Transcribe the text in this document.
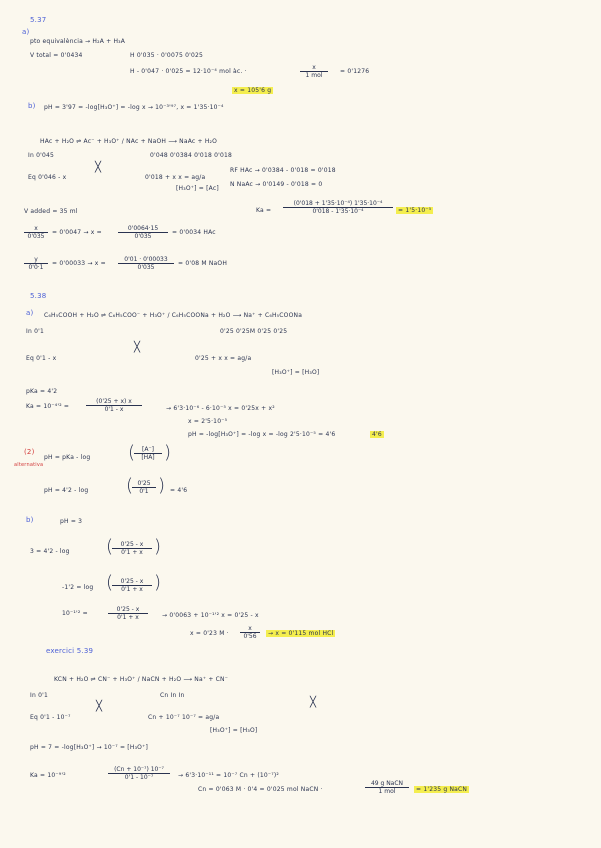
5.37
a)
pto equivalència → H₂A + H₃A
V total = 0'0434	H 0'035 · 0'0075 0'025
H - 0'047 · 0'025 = 12·10⁻⁴ mol àc. ·
x
1 mol
= 0'1276
x = 105'6 g
b) pH = 3'97 = -log[H₃O⁺] = -log x → 10⁻³'⁹⁷, x = 1'35·10⁻⁴
HAc + H₂O ⇌ Ac⁻ + H₃O⁺ / NAc + NaOH ⟶ NaAc + H₂O
In 0'045	0'048 0'0384 0'018 0'018
╳
Eq 0'046 - x	0'018 + x x = ag/a
RF HAc → 0'0384 - 0'018 = 0'018
[H₃O⁺] = [Ac]
N NaAc → 0'0149 - 0'018 = 0
V added = 35 ml	$Ka = \frac{\text{(0'018 + 1'35·10⁻⁴) 1'35·10⁻⁴}}{\text{0'018 - 1'35·10⁻⁴}} = 1'5\cdot 10^{-5}$
$\frac{x}{0'035} = 0'0047 \to x$ =	$\frac{0'0064\cdot 15}{0'035} = 0'0034$ HAc
$\frac{y}{0'0\cdot 1} = 0'00033 \to x = \frac{0'01 \cdot 0'00033}{0'035} = 0'08$ M NaOH
5.38
a) C₆H₅COOH + H₂O ⇌ C₆H₅COO⁻ + H₃O⁺ / C₆H₅COONa + H₂O ⟶ Na⁺ + C₆H₅COONa
In 0'1	0'25 0'25M 0'25 0'25
╳
Eq 0'1 - x	0'25 + x x = ag/a
[H₃O⁺] = [H₃O]
pKa = 4'2
Ka = 10⁻⁴'² =	$\frac{(0'25 + x) x}{0'1 - x}$	→ 6'3·10⁻⁶ - 6·10⁻⁵ x = 0'25x + x²
x = 2'5·10⁻⁵
pH = -log[H₃O⁺] = -log x = -log 2'5·10⁻⁵ = 4'6	4'6
(2)
alternativa
pH = pKa - log (
$\frac{[A^-]}{[HA]}$ )
pH = 4'2 - log (
$\frac{0'25}{0'1}$ ) = 4'6
b)	pH = 3
3 = 4'2 - log (
$\frac{0'25 - x}{0'1 + x}$ )
-1'2 = log (
$\frac{0'25 - x}{0'1 + x}$ )
10⁻¹'² =	$\frac{0'25 - x}{0'1 + x} \to 0'0063 + 10^{-1}'^2$ x = 0'25 - x
x = 0'23 $M \cdot \frac{x}{0'56}$	→ x = 0'115 mol HCl
exercici 5.39
KCN + H₂O ⇌ CN⁻ + H₃O⁺ / NaCN + H₂O ⟶ Na⁺ + CN⁻
In 0'1	Cn In In
╳	╳
Eq 0'1 - 10⁻⁷	Cn + 10⁻⁷ 10⁻⁷ = ag/a
[H₃O⁺] = [H₃O]
pH = 7 = -log[H₃O⁺] → 10⁻⁷ = [H₃O⁺]
Ka = 10⁻⁹'²	$\frac{\text{(Cn + 10⁻⁷) 10⁻⁷}}{\text{0'1 - 10⁻⁷}} \to 6'3\cdot 10^{-11} = 10^{-7}$ Cn + (10⁻⁷)²
Cn = 0'063 M · 0'4 = 0'025 mol NaCN ·
49 g NaCN
1 mol	= 1'235 g NaCN
